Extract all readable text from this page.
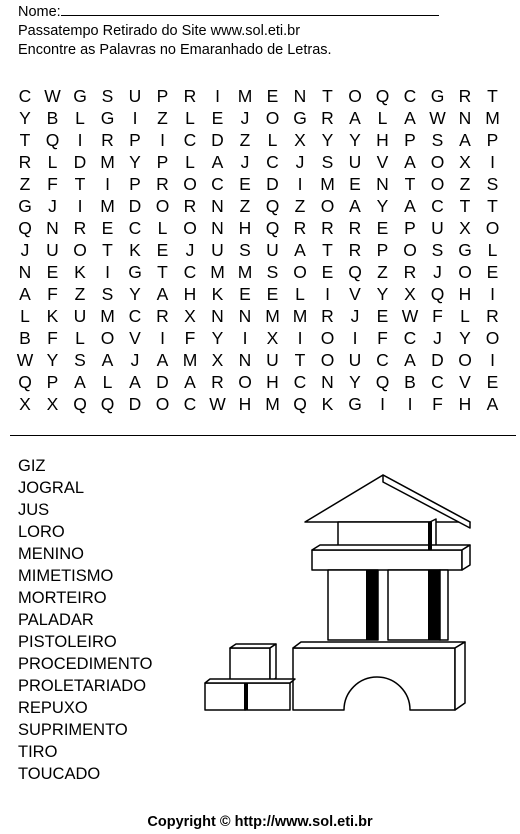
Nome:
Passatempo Retirado do Site www.sol.eti.br
Encontre as Palavras no Emaranhado de Letras.
C W G S U P R	I	M E N T O Q C G R T
Y B L G	I	Z L E J O G R A L A W N M
T Q	I	R P	I	C D Z L X Y Y H P S A P
R L D M Y P L A J C J S U V A O X	I
Z F T	I	P R O C E D	I	M E N T O Z S
G J	I	M D O R N Z Q Z O A Y A C T T
Q N R E C L O N H Q R R R E P U X O
J U O T K E J U S U A T R P O S G L
N E K	I	G T C M M S O E Q Z R J O E
A F Z S Y A H K E E L	I	V Y X Q H	I
L K U M C R X N N M M R J E W F L R
B F L O V	I	F Y	I	X	I	O	I	F C J Y O
W Y S A J A M X N U T O U C A D O	I
Q P A L A D A R O H C N Y Q B C V E
X X Q Q D O C W H M Q K G	I	I	F H A
GIZ
JOGRAL
JUS
LORO
MENINO
MIMETISMO
MORTEIRO
PALADAR
PISTOLEIRO
PROCEDIMENTO
PROLETARIADO
REPUXO
SUPRIMENTO
TIRO
TOUCADO
Copyright © http://www.sol.eti.br
